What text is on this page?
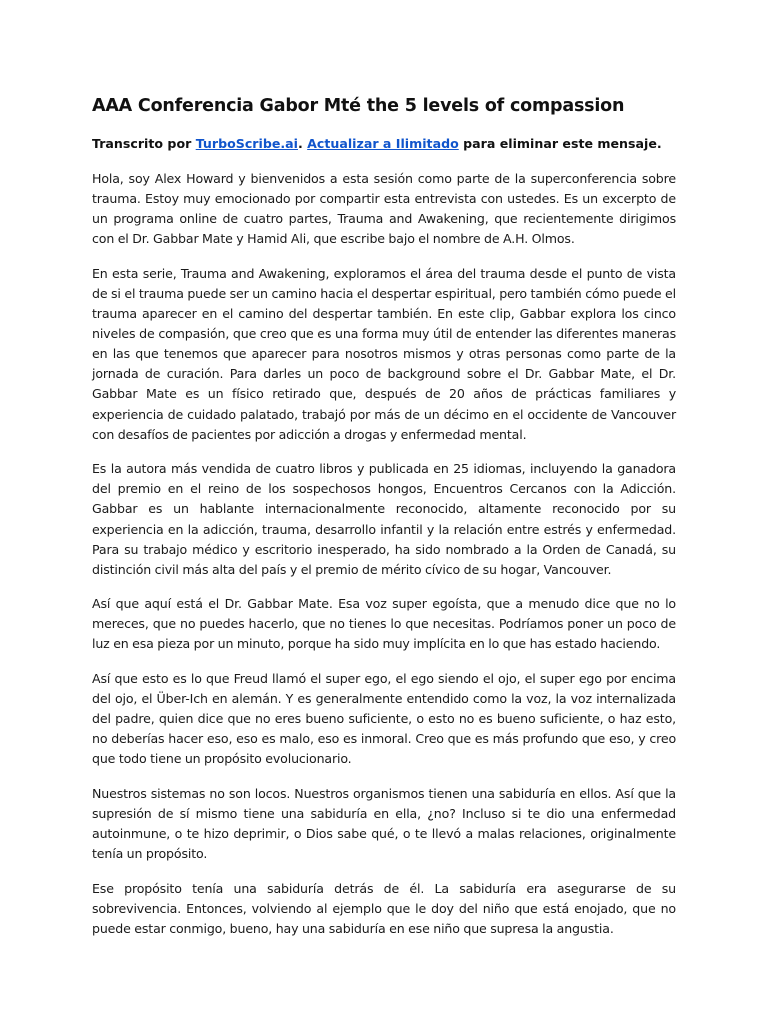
AAA Conferencia Gabor Mté the 5 levels of compassion

Transcrito por TurboScribe.ai. Actualizar a Ilimitado para eliminar este mensaje.

Hola, soy Alex Howard y bienvenidos a esta sesión como parte de la superconferencia sobre trauma. Estoy muy emocionado por compartir esta entrevista con ustedes. Es un excerpto de un programa online de cuatro partes, Trauma and Awakening, que recientemente dirigimos con el Dr. Gabbar Mate y Hamid Ali, que escribe bajo el nombre de A.H. Olmos.

En esta serie, Trauma and Awakening, exploramos el área del trauma desde el punto de vista de si el trauma puede ser un camino hacia el despertar espiritual, pero también cómo puede el trauma aparecer en el camino del despertar también. En este clip, Gabbar explora los cinco niveles de compasión, que creo que es una forma muy útil de entender las diferentes maneras en las que tenemos que aparecer para nosotros mismos y otras personas como parte de la jornada de curación. Para darles un poco de background sobre el Dr. Gabbar Mate, el Dr. Gabbar Mate es un físico retirado que, después de 20 años de prácticas familiares y experiencia de cuidado palatado, trabajó por más de un décimo en el occidente de Vancouver con desafíos de pacientes por adicción a drogas y enfermedad mental.

Es la autora más vendida de cuatro libros y publicada en 25 idiomas, incluyendo la ganadora del premio en el reino de los sospechosos hongos, Encuentros Cercanos con la Adicción. Gabbar es un hablante internacionalmente reconocido, altamente reconocido por su experiencia en la adicción, trauma, desarrollo infantil y la relación entre estrés y enfermedad. Para su trabajo médico y escritorio inesperado, ha sido nombrado a la Orden de Canadá, su distinción civil más alta del país y el premio de mérito cívico de su hogar, Vancouver.

Así que aquí está el Dr. Gabbar Mate. Esa voz super egoísta, que a menudo dice que no lo mereces, que no puedes hacerlo, que no tienes lo que necesitas. Podríamos poner un poco de luz en esa pieza por un minuto, porque ha sido muy implícita en lo que has estado haciendo.

Así que esto es lo que Freud llamó el super ego, el ego siendo el ojo, el super ego por encima del ojo, el Über-Ich en alemán. Y es generalmente entendido como la voz, la voz internalizada del padre, quien dice que no eres bueno suficiente, o esto no es bueno suficiente, o haz esto, no deberías hacer eso, eso es malo, eso es inmoral. Creo que es más profundo que eso, y creo que todo tiene un propósito evolucionario.

Nuestros sistemas no son locos. Nuestros organismos tienen una sabiduría en ellos. Así que la supresión de sí mismo tiene una sabiduría en ella, ¿no? Incluso si te dio una enfermedad autoinmune, o te hizo deprimir, o Dios sabe qué, o te llevó a malas relaciones, originalmente tenía un propósito.

Ese propósito tenía una sabiduría detrás de él. La sabiduría era asegurarse de su sobrevivencia. Entonces, volviendo al ejemplo que le doy del niño que está enojado, que no puede estar conmigo, bueno, hay una sabiduría en ese niño que supresa la angustia.
